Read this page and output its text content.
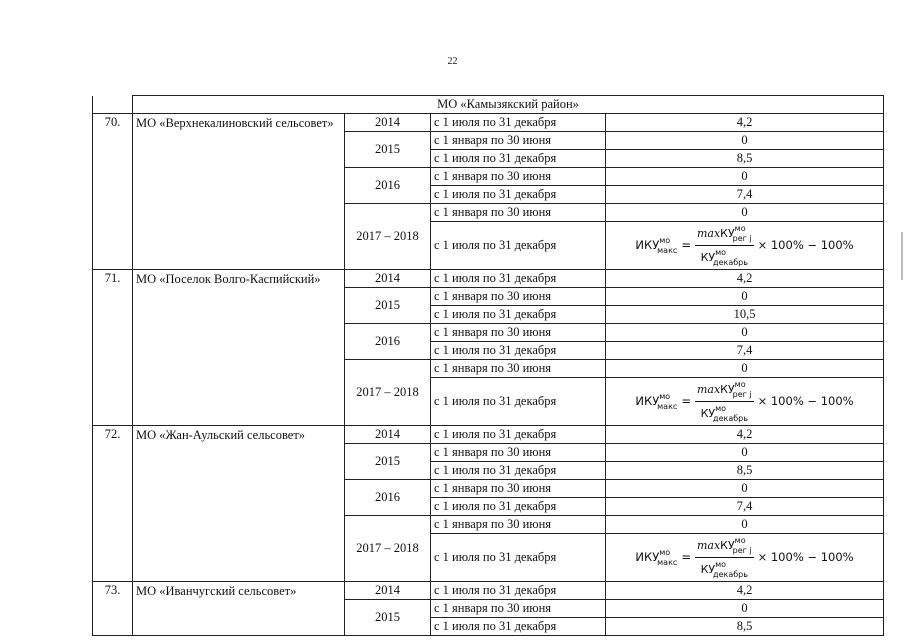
22
	МО «Камызякский район»			
70.	МО «Верхнекалиновский сельсовет»	2014	с 1 июля по 31 декабря	4,2
		2015	с 1 января по 30 июня	0
			с 1 июля по 31 декабря	8,5
		2016	с 1 января по 30 июня	0
			с 1 июля по 31 декабря	7,4
		2017 – 2018	с 1 января по 30 июня	0
			с 1 июля по 31 декабря	$ИКУ^{мо}_{макс} = \frac{\max КУ^{мо}_{рег j}}{КУ^{мо}_{декабрь}} \times 100\% - 100\%$

71.	МО «Поселок Волго-Каспийский»	2014	с 1 июля по 31 декабря	4,2
		2015	с 1 января по 30 июня	0
			с 1 июля по 31 декабря	10,5
		2016	с 1 января по 30 июня	0
			с 1 июля по 31 декабря	7,4
		2017 – 2018	с 1 января по 30 июня	0
			с 1 июля по 31 декабря	$ИКУ^{мо}_{макс} = \frac{\max КУ^{мо}_{рег j}}{КУ^{мо}_{декабрь}} \times 100\% - 100\%$

72.	МО «Жан-Аульский сельсовет»	2014	с 1 июля по 31 декабря	4,2
		2015	с 1 января по 30 июня	0
			с 1 июля по 31 декабря	8,5
		2016	с 1 января по 30 июня	0
			с 1 июля по 31 декабря	7,4
		2017 – 2018	с 1 января по 30 июня	0
			с 1 июля по 31 декабря	$ИКУ^{мо}_{макс} = \frac{\max КУ^{мо}_{рег j}}{КУ^{мо}_{декабрь}} \times 100\% - 100\%$

73.	МО «Иванчугский сельсовет»	2014	с 1 июля по 31 декабря	4,2
		2015	с 1 января по 30 июня	0
			с 1 июля по 31 декабря	8,5
